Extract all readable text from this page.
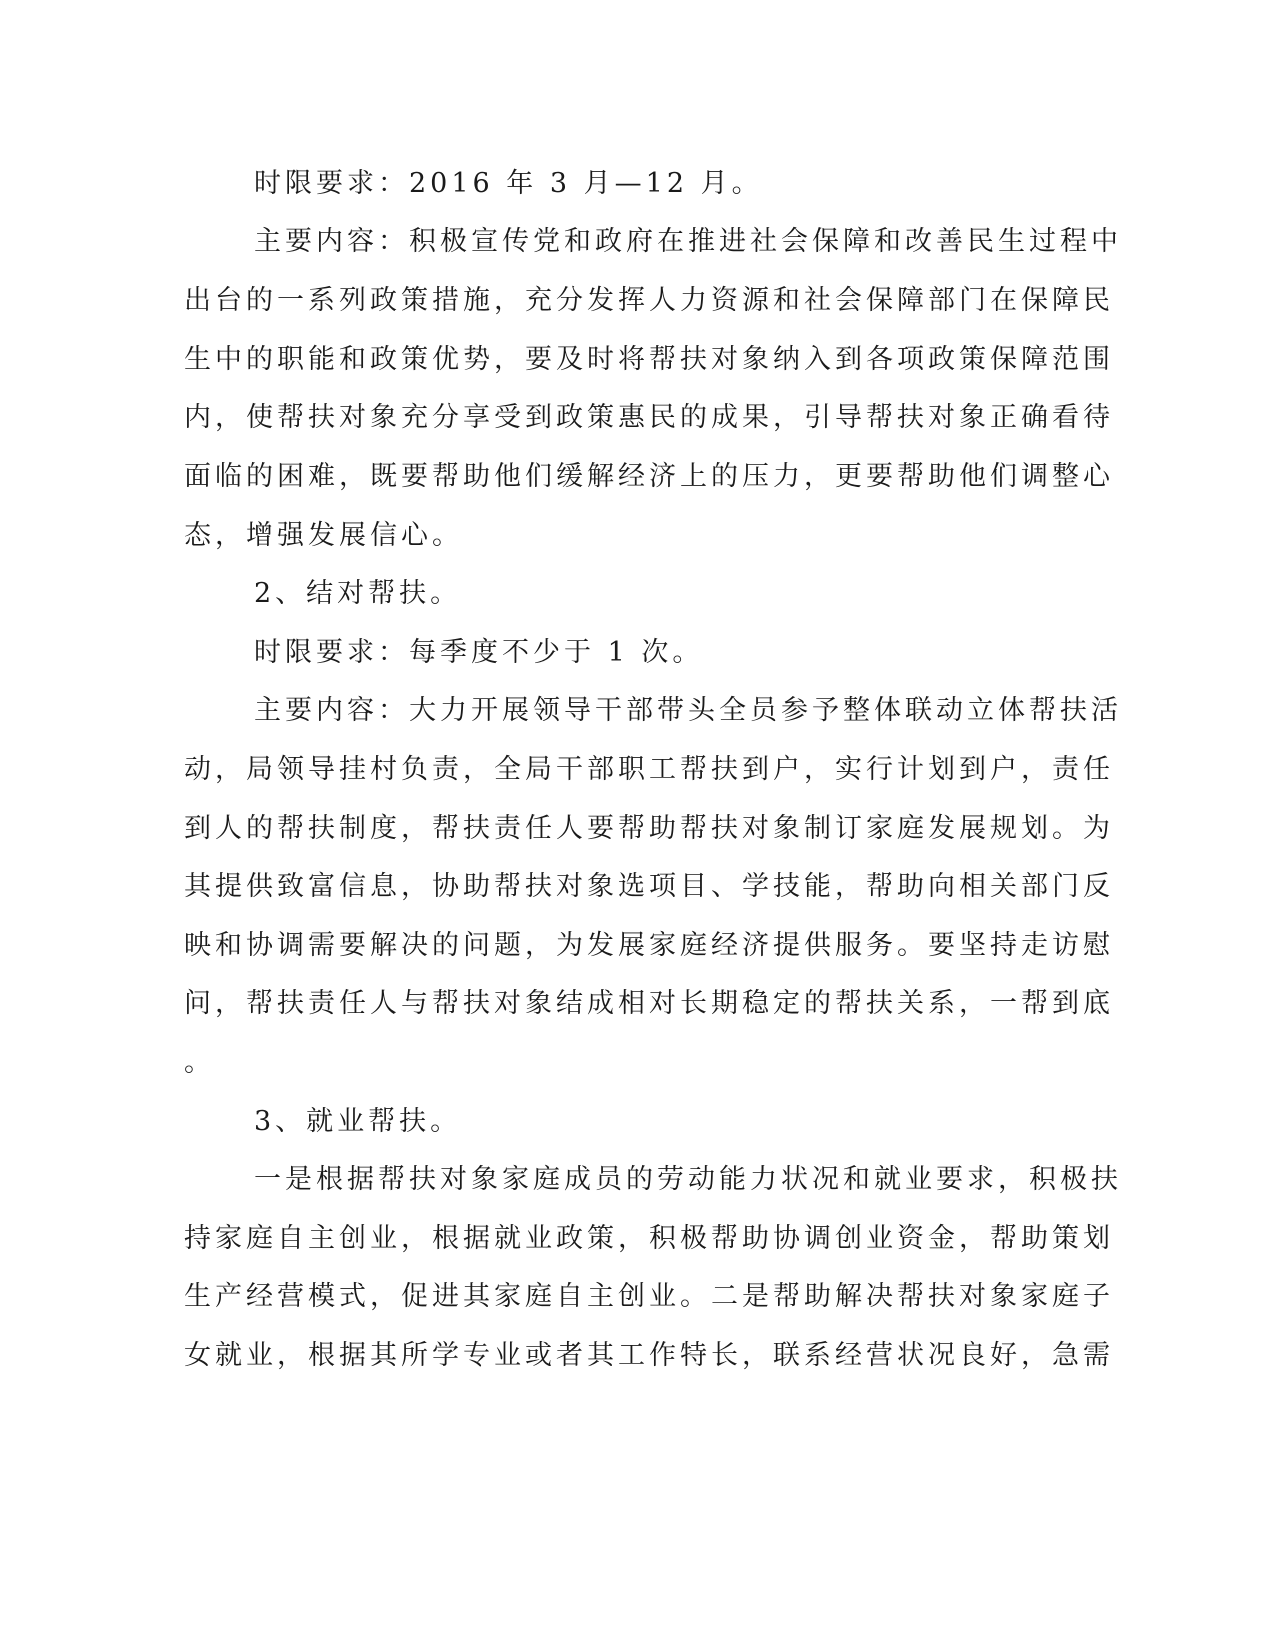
时限要求：2016 年 3 月—12 月。
主要内容：积极宣传党和政府在推进社会保障和改善民生过程中
出台的一系列政策措施，充分发挥人力资源和社会保障部门在保障民
生中的职能和政策优势，要及时将帮扶对象纳入到各项政策保障范围
内，使帮扶对象充分享受到政策惠民的成果，引导帮扶对象正确看待
面临的困难，既要帮助他们缓解经济上的压力，更要帮助他们调整心
态，增强发展信心。
2、结对帮扶。
时限要求：每季度不少于 1 次。
主要内容：大力开展领导干部带头全员参予整体联动立体帮扶活
动，局领导挂村负责，全局干部职工帮扶到户，实行计划到户，责任
到人的帮扶制度，帮扶责任人要帮助帮扶对象制订家庭发展规划。为
其提供致富信息，协助帮扶对象选项目、学技能，帮助向相关部门反
映和协调需要解决的问题，为发展家庭经济提供服务。要坚持走访慰
问，帮扶责任人与帮扶对象结成相对长期稳定的帮扶关系，一帮到底
。
3、就业帮扶。
一是根据帮扶对象家庭成员的劳动能力状况和就业要求，积极扶
持家庭自主创业，根据就业政策，积极帮助协调创业资金，帮助策划
生产经营模式，促进其家庭自主创业。二是帮助解决帮扶对象家庭子
女就业，根据其所学专业或者其工作特长，联系经营状况良好，急需
